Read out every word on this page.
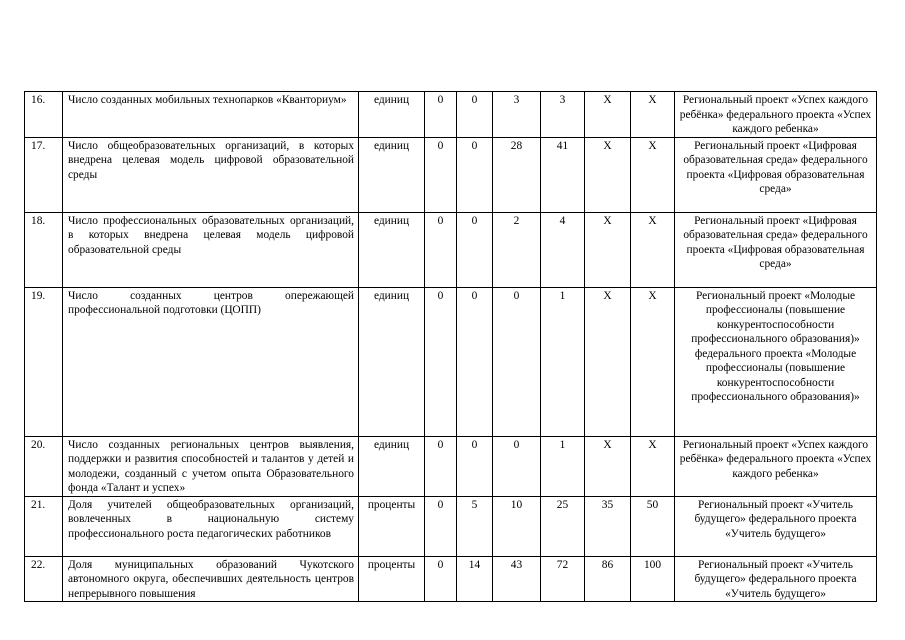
16.	Число созданных мобильных технопарков «Кванториум»	единиц	0	0	3	3	Х	Х	Региональный проект «Успех каждого ребёнка» федерального проекта «Успех каждого ребенка»
17.	Число общеобразовательных организаций, в которых внедрена целевая модель цифровой образовательной среды	единиц	0	0	28	41	Х	Х	Региональный проект «Цифровая образовательная среда» федерального проекта «Цифровая образовательная среда»
18.	Число профессиональных образовательных организаций, в которых внедрена целевая модель цифровой образовательной среды	единиц	0	0	2	4	Х	Х	Региональный проект «Цифровая образовательная среда» федерального проекта «Цифровая образовательная среда»
19.	Число созданных центров опережающей профессиональной подготовки (ЦОПП)	единиц	0	0	0	1	Х	Х	Региональный проект «Молодые профессионалы (повышение конкурентоспособности профессионального образования)» федерального проекта «Молодые профессионалы (повышение конкурентоспособности профессионального образования)»
20.	Число созданных региональных центров выявления, поддержки и развития способностей и талантов у детей и молодежи, созданный с учетом опыта Образовательного фонда «Талант и успех»	единиц	0	0	0	1	Х	Х	Региональный проект «Успех каждого ребёнка» федерального проекта «Успех каждого ребенка»
21.	Доля учителей общеобразовательных организаций, вовлеченных в национальную систему профессионального роста педагогических работников	проценты	0	5	10	25	35	50	Региональный проект «Учитель будущего» федерального проекта «Учитель будущего»
22.	Доля муниципальных образований Чукотского автономного округа, обеспечивших деятельность центров непрерывного повышения	проценты	0	14	43	72	86	100	Региональный проект «Учитель будущего» федерального проекта «Учитель будущего»
